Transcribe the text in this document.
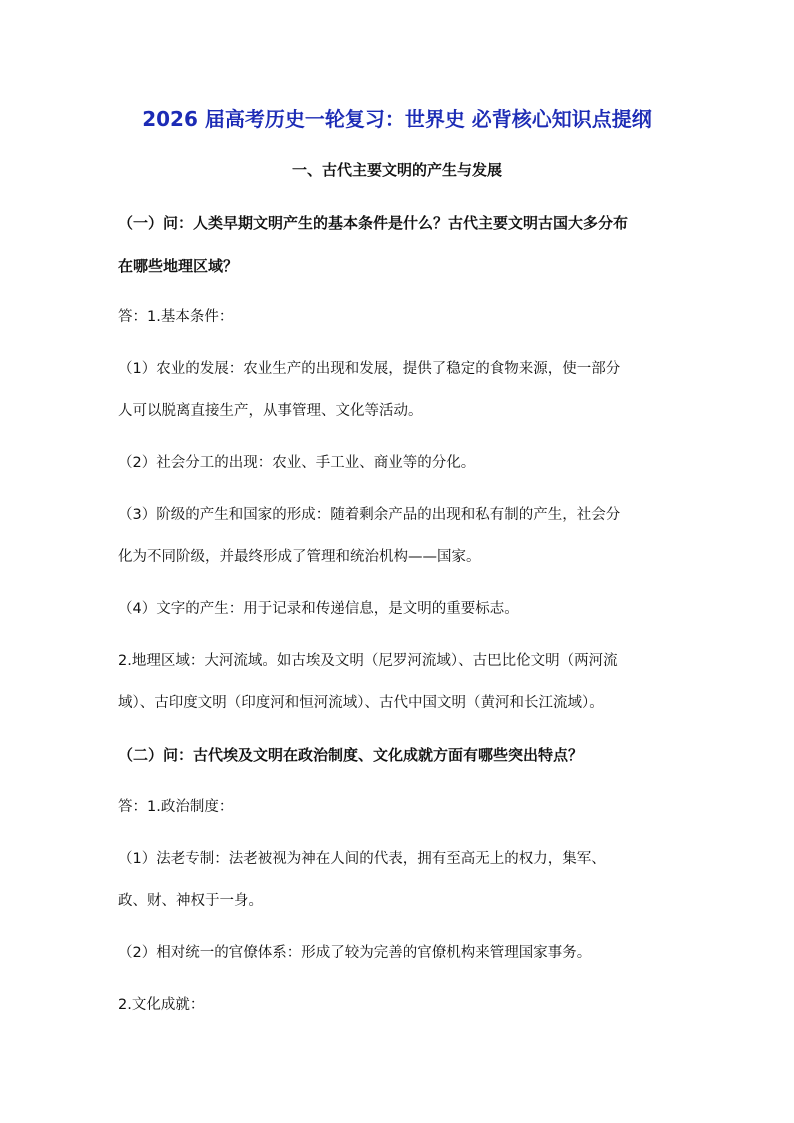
2026 届高考历史一轮复习：世界史 必背核心知识点提纲
一、古代主要文明的产生与发展
（一）问：人类早期文明产生的基本条件是什么？古代主要文明古国大多分布
在哪些地理区域？
答：1.基本条件：
（1）农业的发展：农业生产的出现和发展，提供了稳定的食物来源，使一部分
人可以脱离直接生产，从事管理、文化等活动。
（2）社会分工的出现：农业、手工业、商业等的分化。
（3）阶级的产生和国家的形成：随着剩余产品的出现和私有制的产生，社会分
化为不同阶级，并最终形成了管理和统治机构——国家。
（4）文字的产生：用于记录和传递信息，是文明的重要标志。
2.地理区域：大河流域。如古埃及文明（尼罗河流域）、古巴比伦文明（两河流
域）、古印度文明（印度河和恒河流域）、古代中国文明（黄河和长江流域）。
（二）问：古代埃及文明在政治制度、文化成就方面有哪些突出特点？
答：1.政治制度：
（1）法老专制：法老被视为神在人间的代表，拥有至高无上的权力，集军、
政、财、神权于一身。
（2）相对统一的官僚体系：形成了较为完善的官僚机构来管理国家事务。
2.文化成就：
